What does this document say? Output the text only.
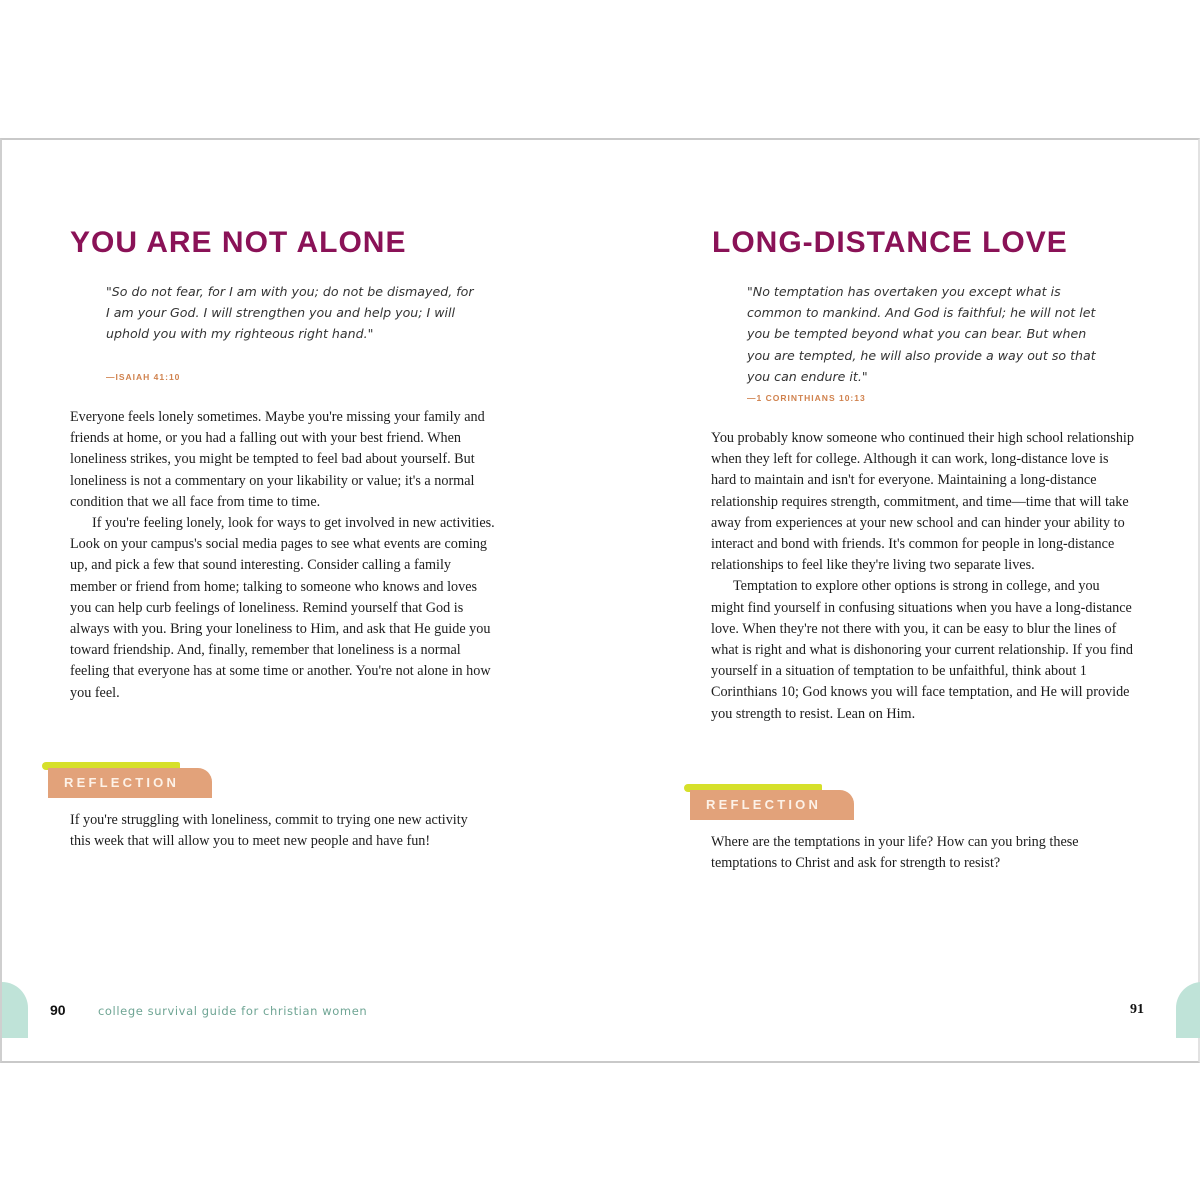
YOU ARE NOT ALONE
"So do not fear, for I am with you; do not be dismayed, for I am your God. I will strengthen you and help you; I will uphold you with my righteous right hand."
—ISAIAH 41:10

Everyone feels lonely sometimes. Maybe you're missing your family and friends at home, or you had a falling out with your best friend. When loneliness strikes, you might be tempted to feel bad about yourself. But loneliness is not a commentary on your likability or value; it's a normal condition that we all face from time to time.

If you're feeling lonely, look for ways to get involved in new activities. Look on your campus's social media pages to see what events are coming up, and pick a few that sound interesting. Consider calling a family member or friend from home; talking to someone who knows and loves you can help curb feelings of loneliness. Remind yourself that God is always with you. Bring your loneliness to Him, and ask that He guide you toward friendship. And, finally, remember that loneliness is a normal feeling that everyone has at some time or another. You're not alone in how you feel.

REFLECTION
If you're struggling with loneliness, commit to trying one new activity this week that will allow you to meet new people and have fun!
90	college survival guide for christian women
LONG-DISTANCE LOVE
"No temptation has overtaken you except what is common to mankind. And God is faithful; he will not let you be tempted beyond what you can bear. But when you are tempted, he will also provide a way out so that you can endure it."
—1 CORINTHIANS 10:13

You probably know someone who continued their high school relationship when they left for college. Although it can work, long-distance love is hard to maintain and isn't for everyone. Maintaining a long-distance relationship requires strength, commitment, and time—time that will take away from experiences at your new school and can hinder your ability to interact and bond with friends. It's common for people in long-distance relationships to feel like they're living two separate lives.

Temptation to explore other options is strong in college, and you might find yourself in confusing situations when you have a long-distance love. When they're not there with you, it can be easy to blur the lines of what is right and what is dishonoring your current relationship. If you find yourself in a situation of temptation to be unfaithful, think about 1 Corinthians 10; God knows you will face temptation, and He will provide you strength to resist. Lean on Him.

REFLECTION
Where are the temptations in your life? How can you bring these temptations to Christ and ask for strength to resist?
91
